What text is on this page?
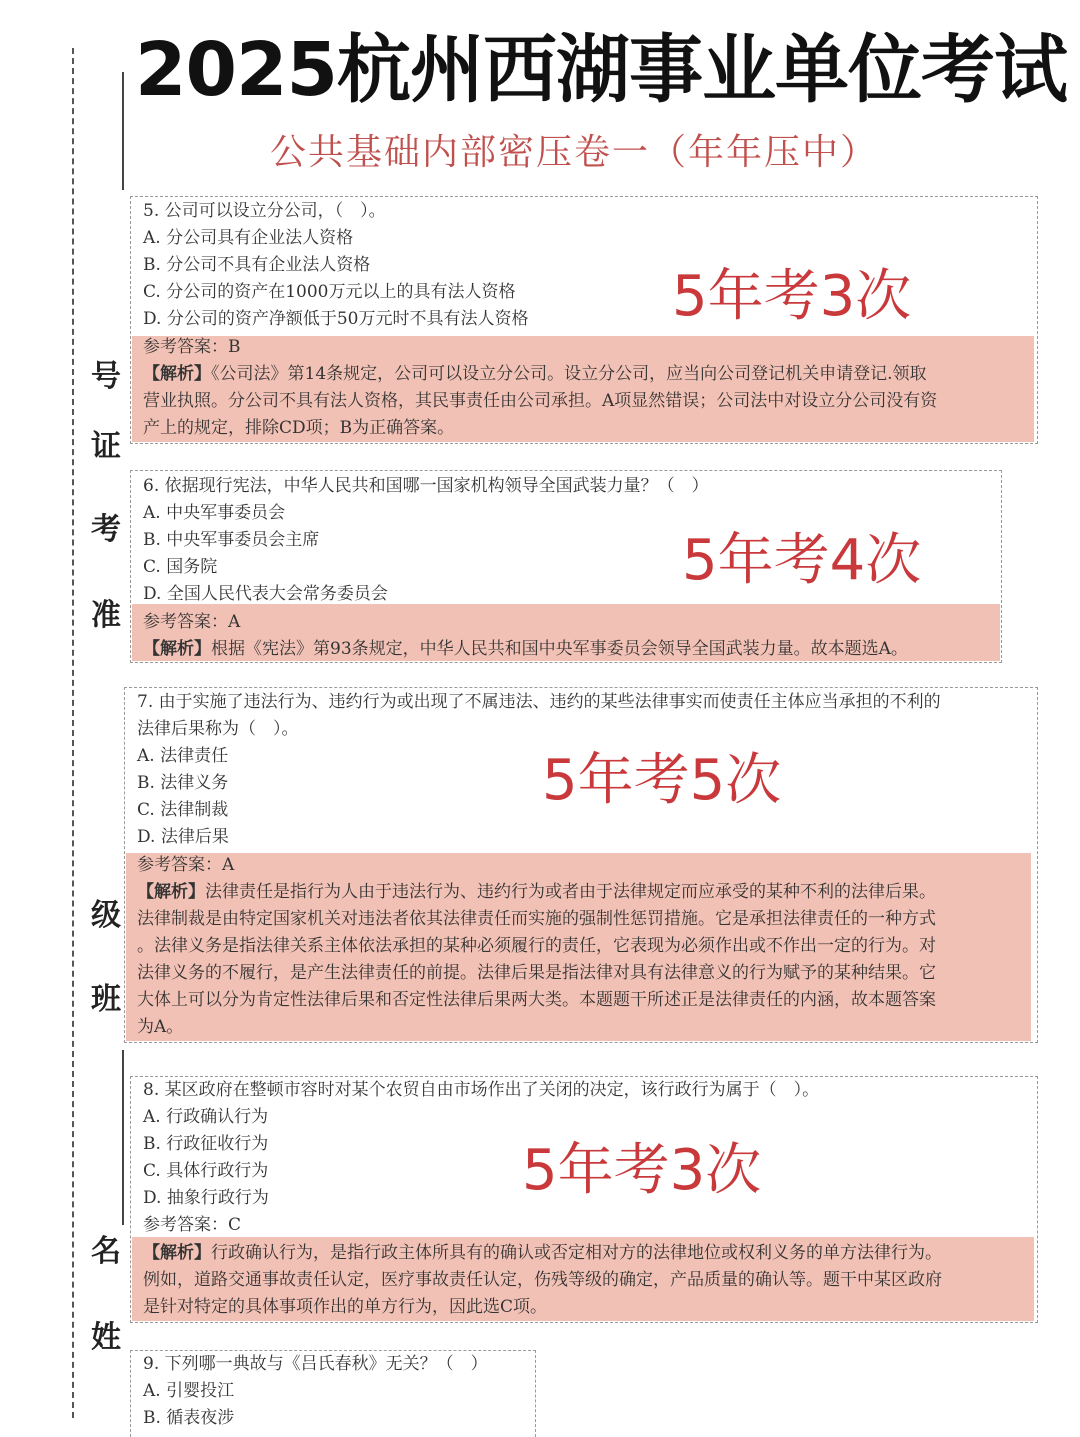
2025杭州西湖事业单位考试
公共基础内部密压卷一（年年压中）
号
证
考
准
级
班
名
姓
5. 公司可以设立分公司，（　）。
A. 分公司具有企业法人资格
B. 分公司不具有企业法人资格
C. 分公司的资产在1000万元以上的具有法人资格
D. 分公司的资产净额低于50万元时不具有法人资格
参考答案：B
【解析】《公司法》第14条规定，公司可以设立分公司。设立分公司，应当向公司登记机关申请登记.领取
营业执照。分公司不具有法人资格，其民事责任由公司承担。A项显然错误；公司法中对设立分公司没有资
产上的规定，排除CD项；B为正确答案。
5年考3次
6. 依据现行宪法，中华人民共和国哪一国家机构领导全国武装力量？（　）
A. 中央军事委员会
B. 中央军事委员会主席
C. 国务院
D. 全国人民代表大会常务委员会
参考答案：A
【解析】根据《宪法》第93条规定，中华人民共和国中央军事委员会领导全国武装力量。故本题选A。
5年考4次
7. 由于实施了违法行为、违约行为或出现了不属违法、违约的某些法律事实而使责任主体应当承担的不利的
法律后果称为（　）。
A. 法律责任
B. 法律义务
C. 法律制裁
D. 法律后果
参考答案：A
【解析】法律责任是指行为人由于违法行为、违约行为或者由于法律规定而应承受的某种不利的法律后果。
法律制裁是由特定国家机关对违法者依其法律责任而实施的强制性惩罚措施。它是承担法律责任的一种方式
。法律义务是指法律关系主体依法承担的某种必须履行的责任，它表现为必须作出或不作出一定的行为。对
法律义务的不履行，是产生法律责任的前提。法律后果是指法律对具有法律意义的行为赋予的某种结果。它
大体上可以分为肯定性法律后果和否定性法律后果两大类。本题题干所述正是法律责任的内涵，故本题答案
为A。
5年考5次
8. 某区政府在整顿市容时对某个农贸自由市场作出了关闭的决定，该行政行为属于（　）。
A. 行政确认行为
B. 行政征收行为
C. 具体行政行为
D. 抽象行政行为
参考答案：C
【解析】行政确认行为，是指行政主体所具有的确认或否定相对方的法律地位或权利义务的单方法律行为。
例如，道路交通事故责任认定，医疗事故责任认定，伤残等级的确定，产品质量的确认等。题干中某区政府
是针对特定的具体事项作出的单方行为，因此选C项。
5年考3次
9. 下列哪一典故与《吕氏春秋》无关？（　）
A. 引婴投江
B. 循表夜涉
